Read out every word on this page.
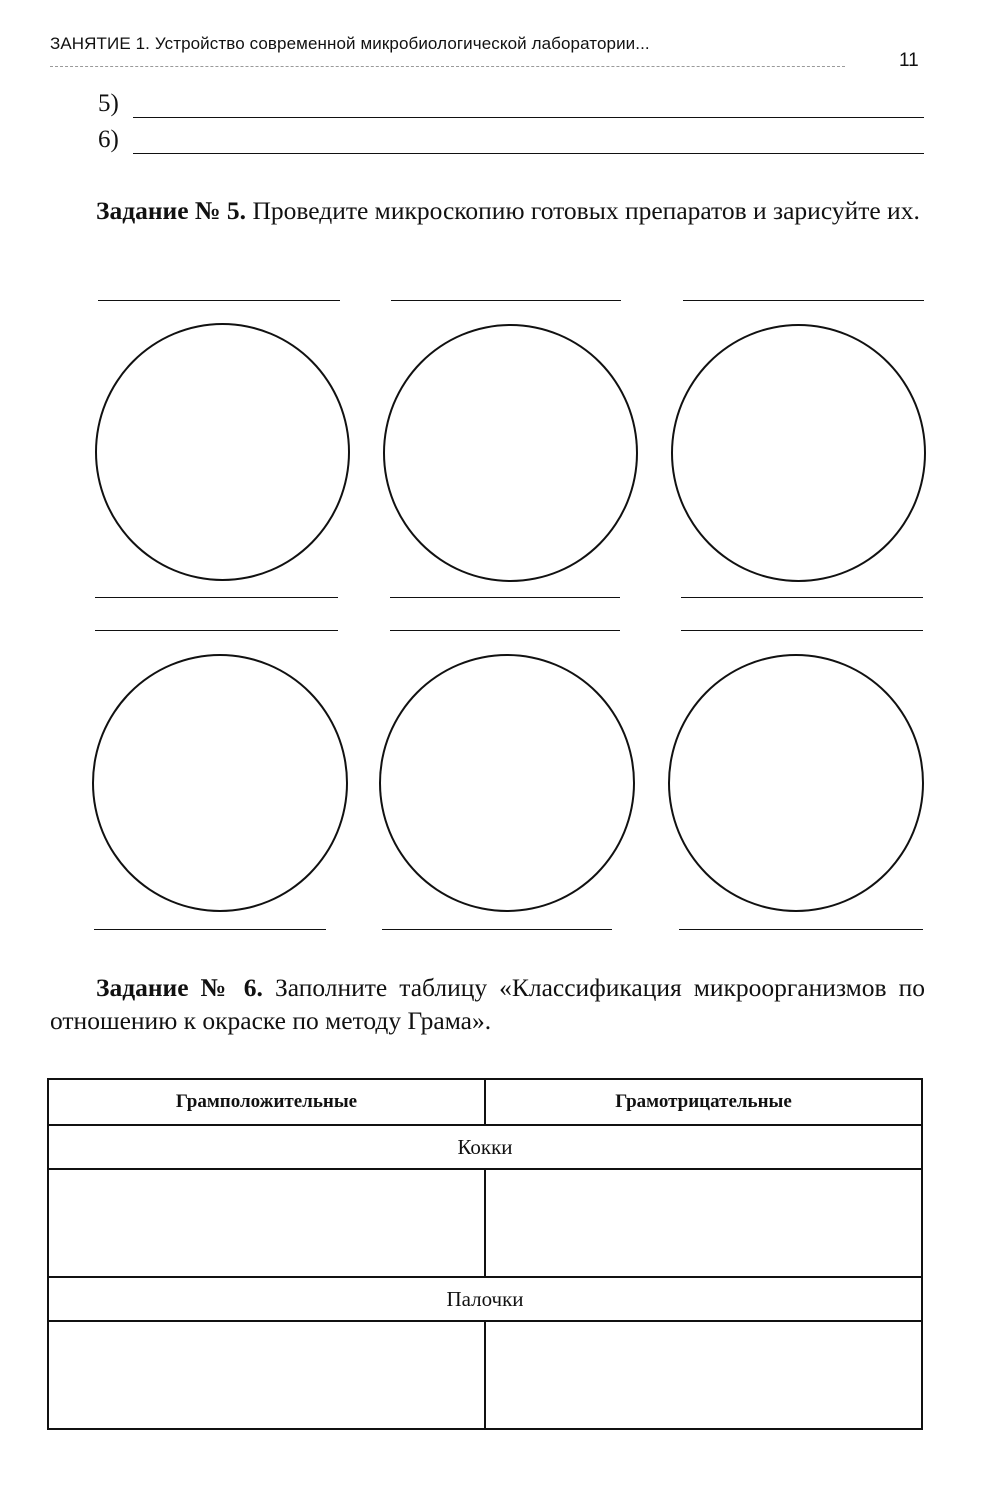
ЗАНЯТИЕ 1. Устройство современной микробиологической лаборатории...
11
5)
6)

Задание № 5. Проведите микроскопию готовых препаратов и зарисуйте их.

Задание № 6. Заполните таблицу «Классификация микроорганизмов по отношению к окраске по методу Грама».

Грамположительные	Грамотрицательные
Кокки	

Палочки	
